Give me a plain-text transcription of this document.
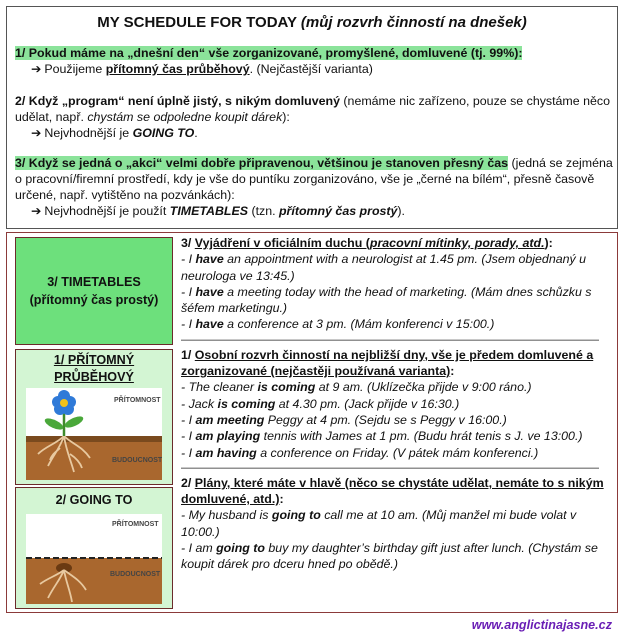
MY SCHEDULE FOR TODAY (můj rozvrh činností na dnešek)
1/ Pokud máme na „dnešní den“ vše zorganizované, promyšlené, domluvené (tj. 99%):
➔ Použijeme přítomný čas průběhový. (Nejčastější varianta)
2/ Když „program“ není úplně jistý, s nikým domluvený (nemáme nic zařízeno, pouze se chystáme něco udělat, např. chystám se odpoledne koupit dárek):
➔ Nejvhodnější je GOING TO.
3/ Když se jedná o „akci“ velmi dobře připravenou, většinou je stanoven přesný čas (jedná se zejména o pracovní/firemní prostředí, kdy je vše do puntíku zorganizováno, vše je „černé na bílém“, přesně časově určené, např. vytištěno na pozvánkách):
➔ Nejvhodnější je použít TIMETABLES (tzn. přítomný čas prostý).
3/ TIMETABLES
(přítomný čas prostý)
1/ PŘÍTOMNÝ
PRŮBĚHOVÝ
PŘÍTOMNOST
BUDOUCNOST
2/ GOING TO
PŘÍTOMNOST
BUDOUCNOST

3/ Vyjádření v oficiálním duchu (pracovní mítinky, porady, atd.):

- I have an appointment with a neurologist at 1.45 pm. (Jsem objednaný u neurologa ve 13:45.)

- I have a meeting today with the head of marketing. (Mám dnes schůzku s šéfem marketingu.)

- I have a conference at 3 pm. (Mám konferenci v 15:00.)

——————————————————————————————————————

1/ Osobní rozvrh činností na nejbližší dny, vše je předem domluvené a zorganizované (nejčastěji používaná varianta):

- The cleaner is coming at 9 am. (Uklízečka přijde v 9:00 ráno.)

- Jack is coming at 4.30 pm. (Jack přijde v 16:30.)

- I am meeting Peggy at 4 pm. (Sejdu se s Peggy v 16:00.)

- I am playing tennis with James at 1 pm. (Budu hrát tenis s J. ve 13:00.)

- I am having a conference on Friday. (V pátek mám konferenci.)

——————————————————————————————————————

2/ Plány, které máte v hlavě (něco se chystáte udělat, nemáte to s nikým domluvené, atd.):

- My husband is going to call me at 10 am. (Můj manžel mi bude volat v 10:00.)

- I am going to buy my daughter’s birthday gift just after lunch. (Chystám se koupit dárek pro dceru hned po obědě.)

www.anglictinajasne.cz
